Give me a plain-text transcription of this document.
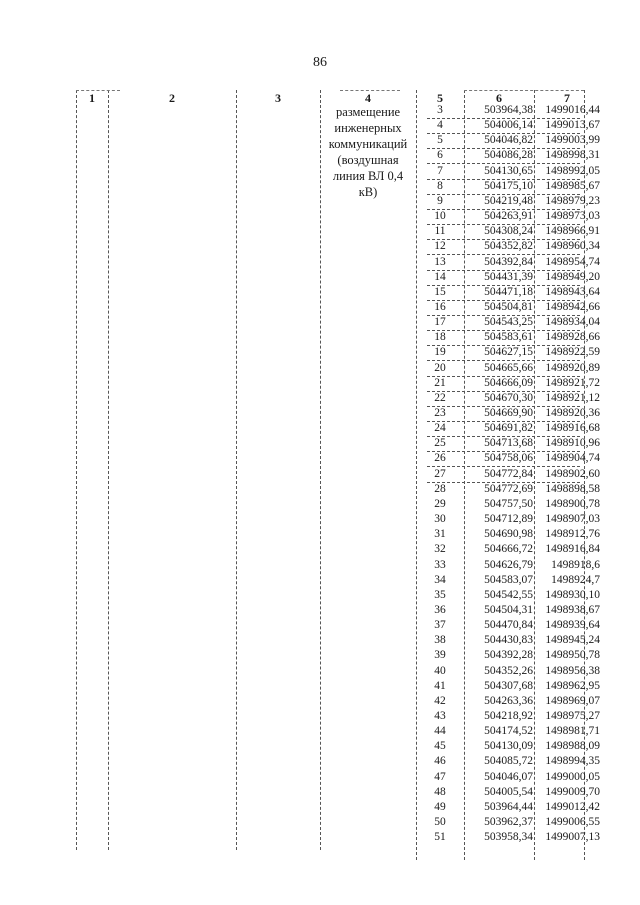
86
1	2	3	4	5	6	7
размещение
инженерных
коммуникаций
(воздушная
линия ВЛ 0,4
кВ)
3	503964,38	1499016,44
4	504006,14	1499013,67
5	504046,82	1499003,99
6	504086,28	1498998,31
7	504130,65	1498992,05
8	504175,10	1498985,67
9	504219,48	1498979,23
10	504263,91	1498973,03
11	504308,24	1498966,91
12	504352,82	1498960,34
13	504392,84	1498954,74
14	504431,39	1498949,20
15	504471,18	1498943,64
16	504504,81	1498942,66
17	504543,25	1498934,04
18	504583,61	1498928,66
19	504627,15	1498922,59
20	504665,66	1498920,89
21	504666,09	1498921,72
22	504670,30	1498921,12
23	504669,90	1498920,36
24	504691,82	1498916,68
25	504713,68	1498910,96
26	504758,06	1498904,74
27	504772,84	1498902,60
28	504772,69	1498898,58
29	504757,50	1498900,78
30	504712,89	1498907,03
31	504690,98	1498912,76
32	504666,72	1498916,84
33	504626,79	1498918,6
34	504583,07	1498924,7
35	504542,55	1498930,10
36	504504,31	1498938,67
37	504470,84	1498939,64
38	504430,83	1498945,24
39	504392,28	1498950,78
40	504352,26	1498956,38
41	504307,68	1498962,95
42	504263,36	1498969,07
43	504218,92	1498975,27
44	504174,52	1498981,71
45	504130,09	1498988,09
46	504085,72	1498994,35
47	504046,07	1499000,05
48	504005,54	1499009,70
49	503964,44	1499012,42
50	503962,37	1499006,55
51	503958,34	1499007,13
